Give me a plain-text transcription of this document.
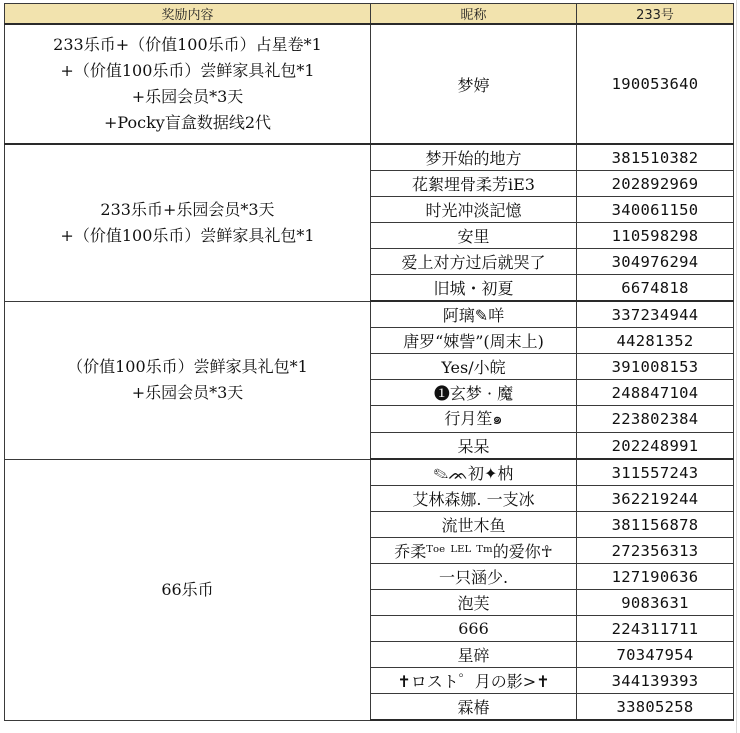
奖励内容	昵称	233号

233乐币+（价值100乐币）占星卷*1
+（价值100乐币）尝鲜家具礼包*1
+乐园会员*3天
+Pocky盲盒数据线2代	梦婷	190053640

233乐币+乐园会员*3天
+（价值100乐币）尝鲜家具礼包*1	梦开始的地方	381510382
	花絮埋骨柔芳iE3	202892969
	时光冲淡記憶	340061150
	安里	110598298
	爱上对方过后就哭了	304976294
	旧城・初夏	6674818

（价值100乐币）尝鲜家具礼包*1
+乐园会员*3天	阿璃✎咩	337234944
	唐罗“娕訾”(周末上)	44281352
	Yes/小皖	391008153
	❶玄梦 · 魔	248847104
	行月笙๑	223802384
	呆呆	202248991

66乐币	✎ᨏ初✦枘	311557243
	艾林森娜. 一支冰	362219244
	流世木鱼	381156878
	乔柔ᵀᵒᵉ ᴸᴱᴸ ᵀᵐ的爱你☥	272356313
	一只涵少.	127190636
	泡芙	9083631
	666	224311711
	星碎	70347954
	✝ロスト゜月の影>✝	344139393
	霖椿	33805258
